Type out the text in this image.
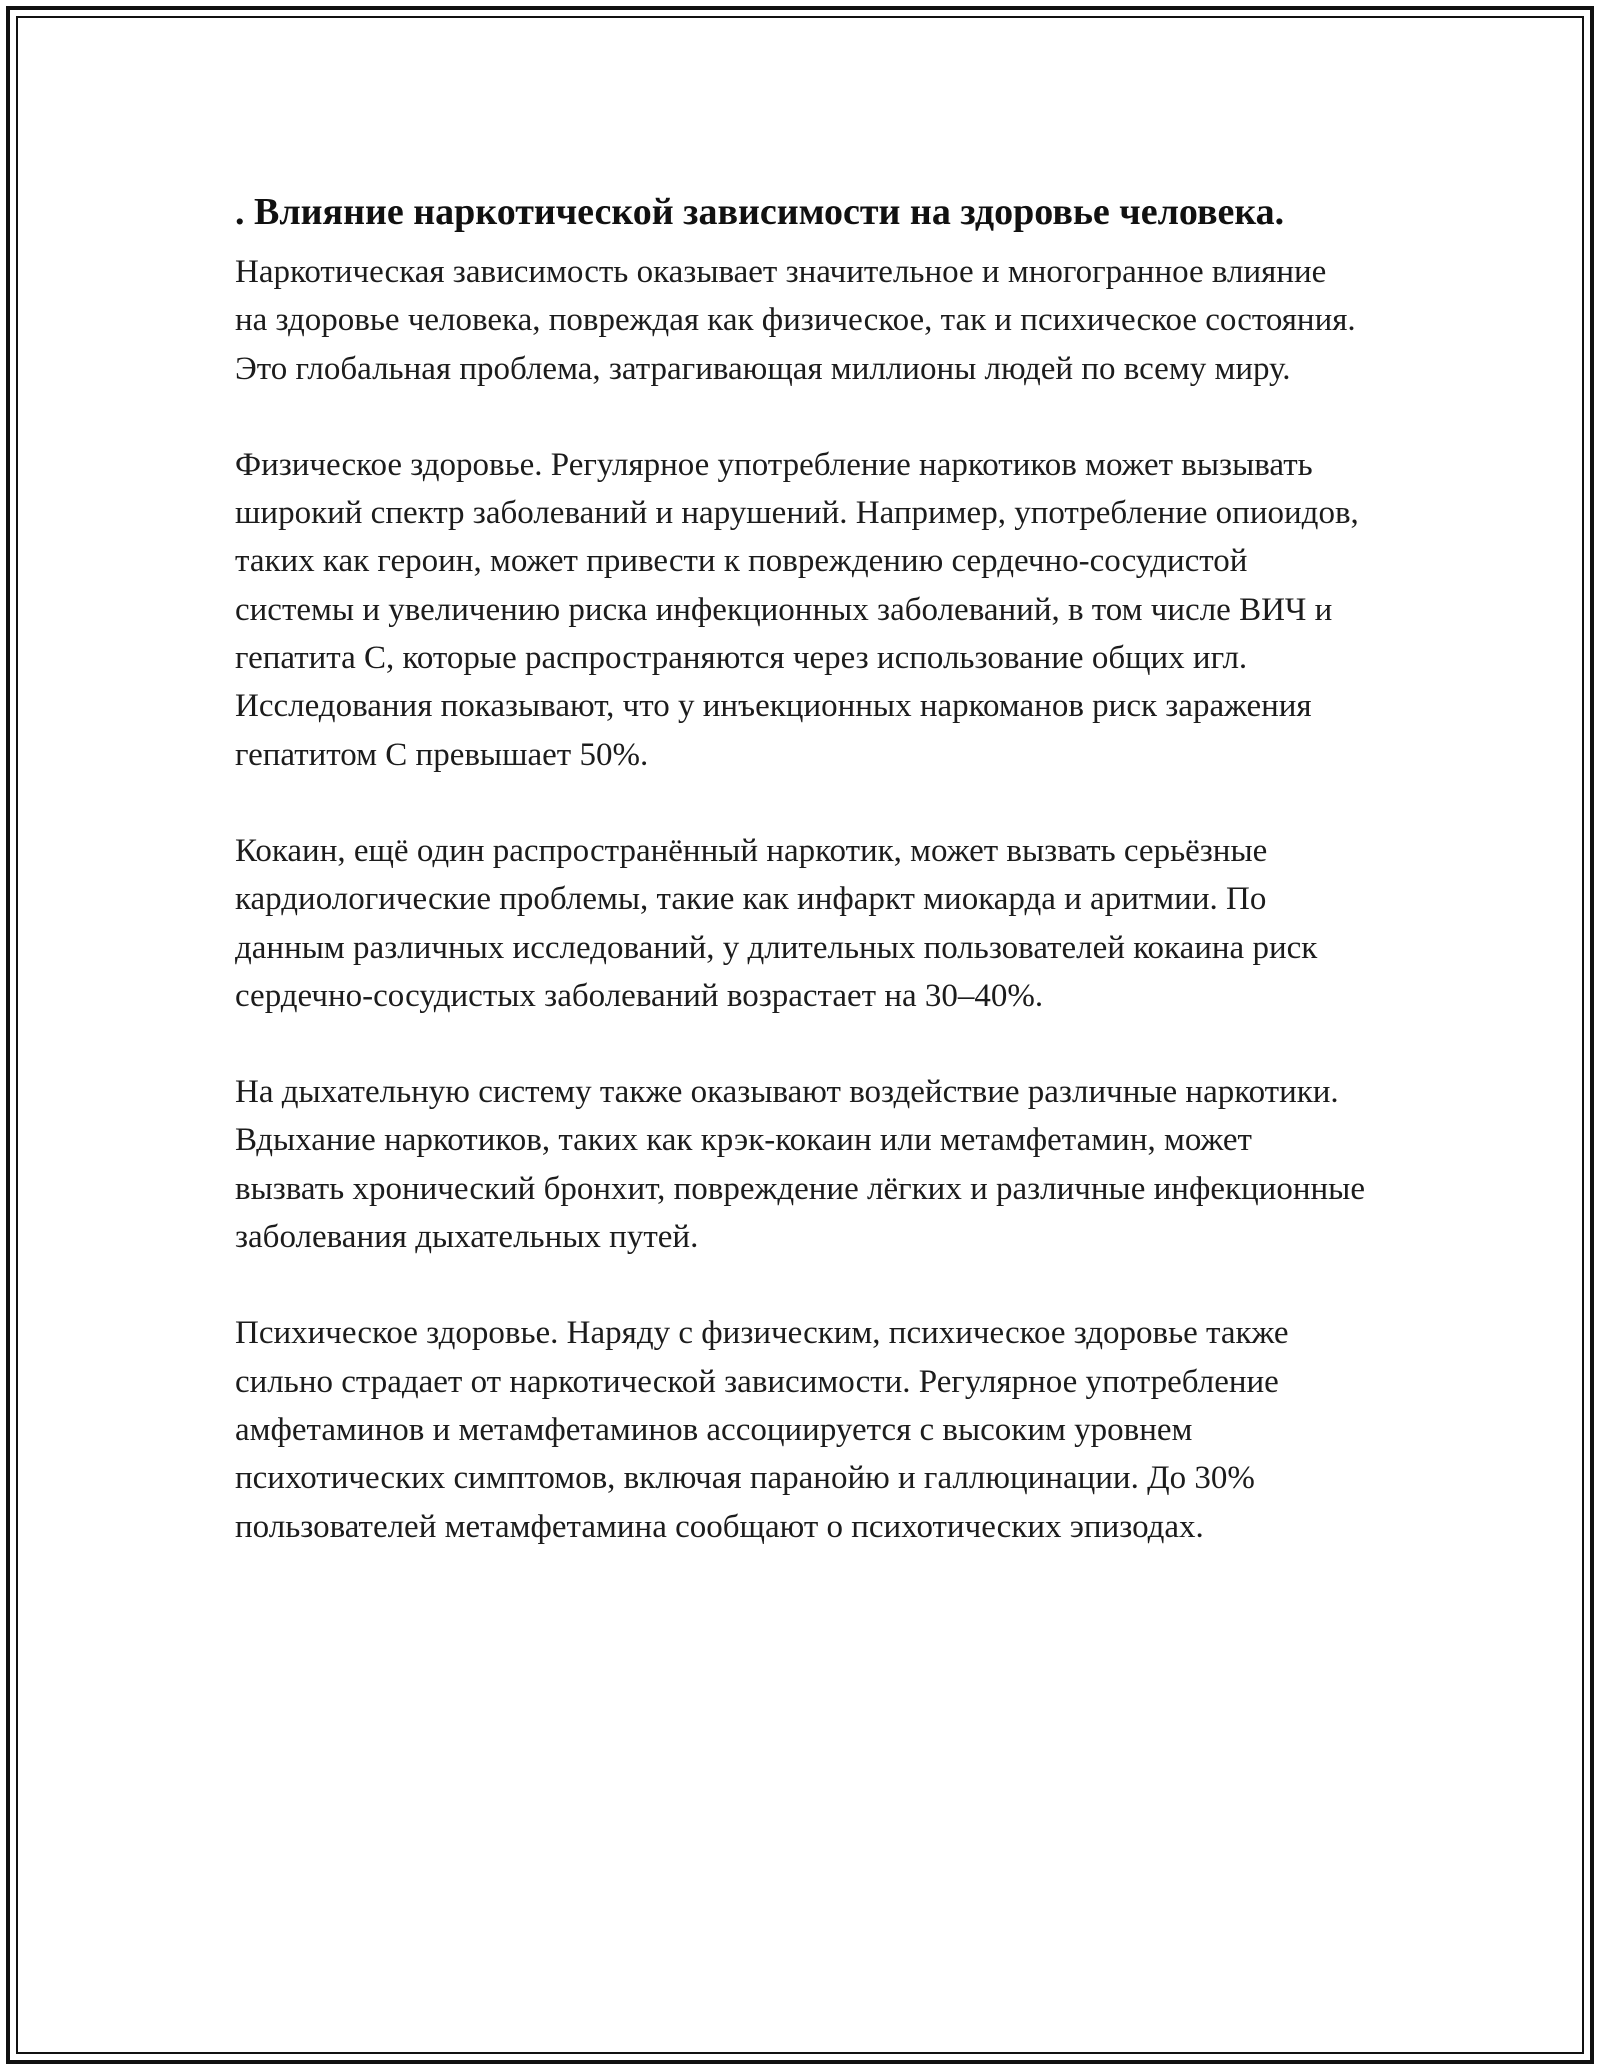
. Влияние наркотической зависимости на здоровье человека.

Наркотическая зависимость оказывает значительное и многогранное влияние на здоровье человека, повреждая как физическое, так и психическое состояния. Это глобальная проблема, затрагивающая миллионы людей по всему миру.

Физическое здоровье. Регулярное употребление наркотиков может вызывать широкий спектр заболеваний и нарушений. Например, употребление опиоидов, таких как героин, может привести к повреждению сердечно-сосудистой системы и увеличению риска инфекционных заболеваний, в том числе ВИЧ и гепатита С, которые распространяются через использование общих игл. Исследования показывают, что у инъекционных наркоманов риск заражения гепатитом С превышает 50%.

Кокаин, ещё один распространённый наркотик, может вызвать серьёзные кардиологические проблемы, такие как инфаркт миокарда и аритмии. По данным различных исследований, у длительных пользователей кокаина риск сердечно-сосудистых заболеваний возрастает на 30–40%.

На дыхательную систему также оказывают воздействие различные наркотики. Вдыхание наркотиков, таких как крэк-кокаин или метамфетамин, может вызвать хронический бронхит, повреждение лёгких и различные инфекционные заболевания дыхательных путей.

Психическое здоровье. Наряду с физическим, психическое здоровье также сильно страдает от наркотической зависимости. Регулярное употребление амфетаминов и метамфетаминов ассоциируется с высоким уровнем психотических симптомов, включая паранойю и галлюцинации. До 30% пользователей метамфетамина сообщают о психотических эпизодах.
